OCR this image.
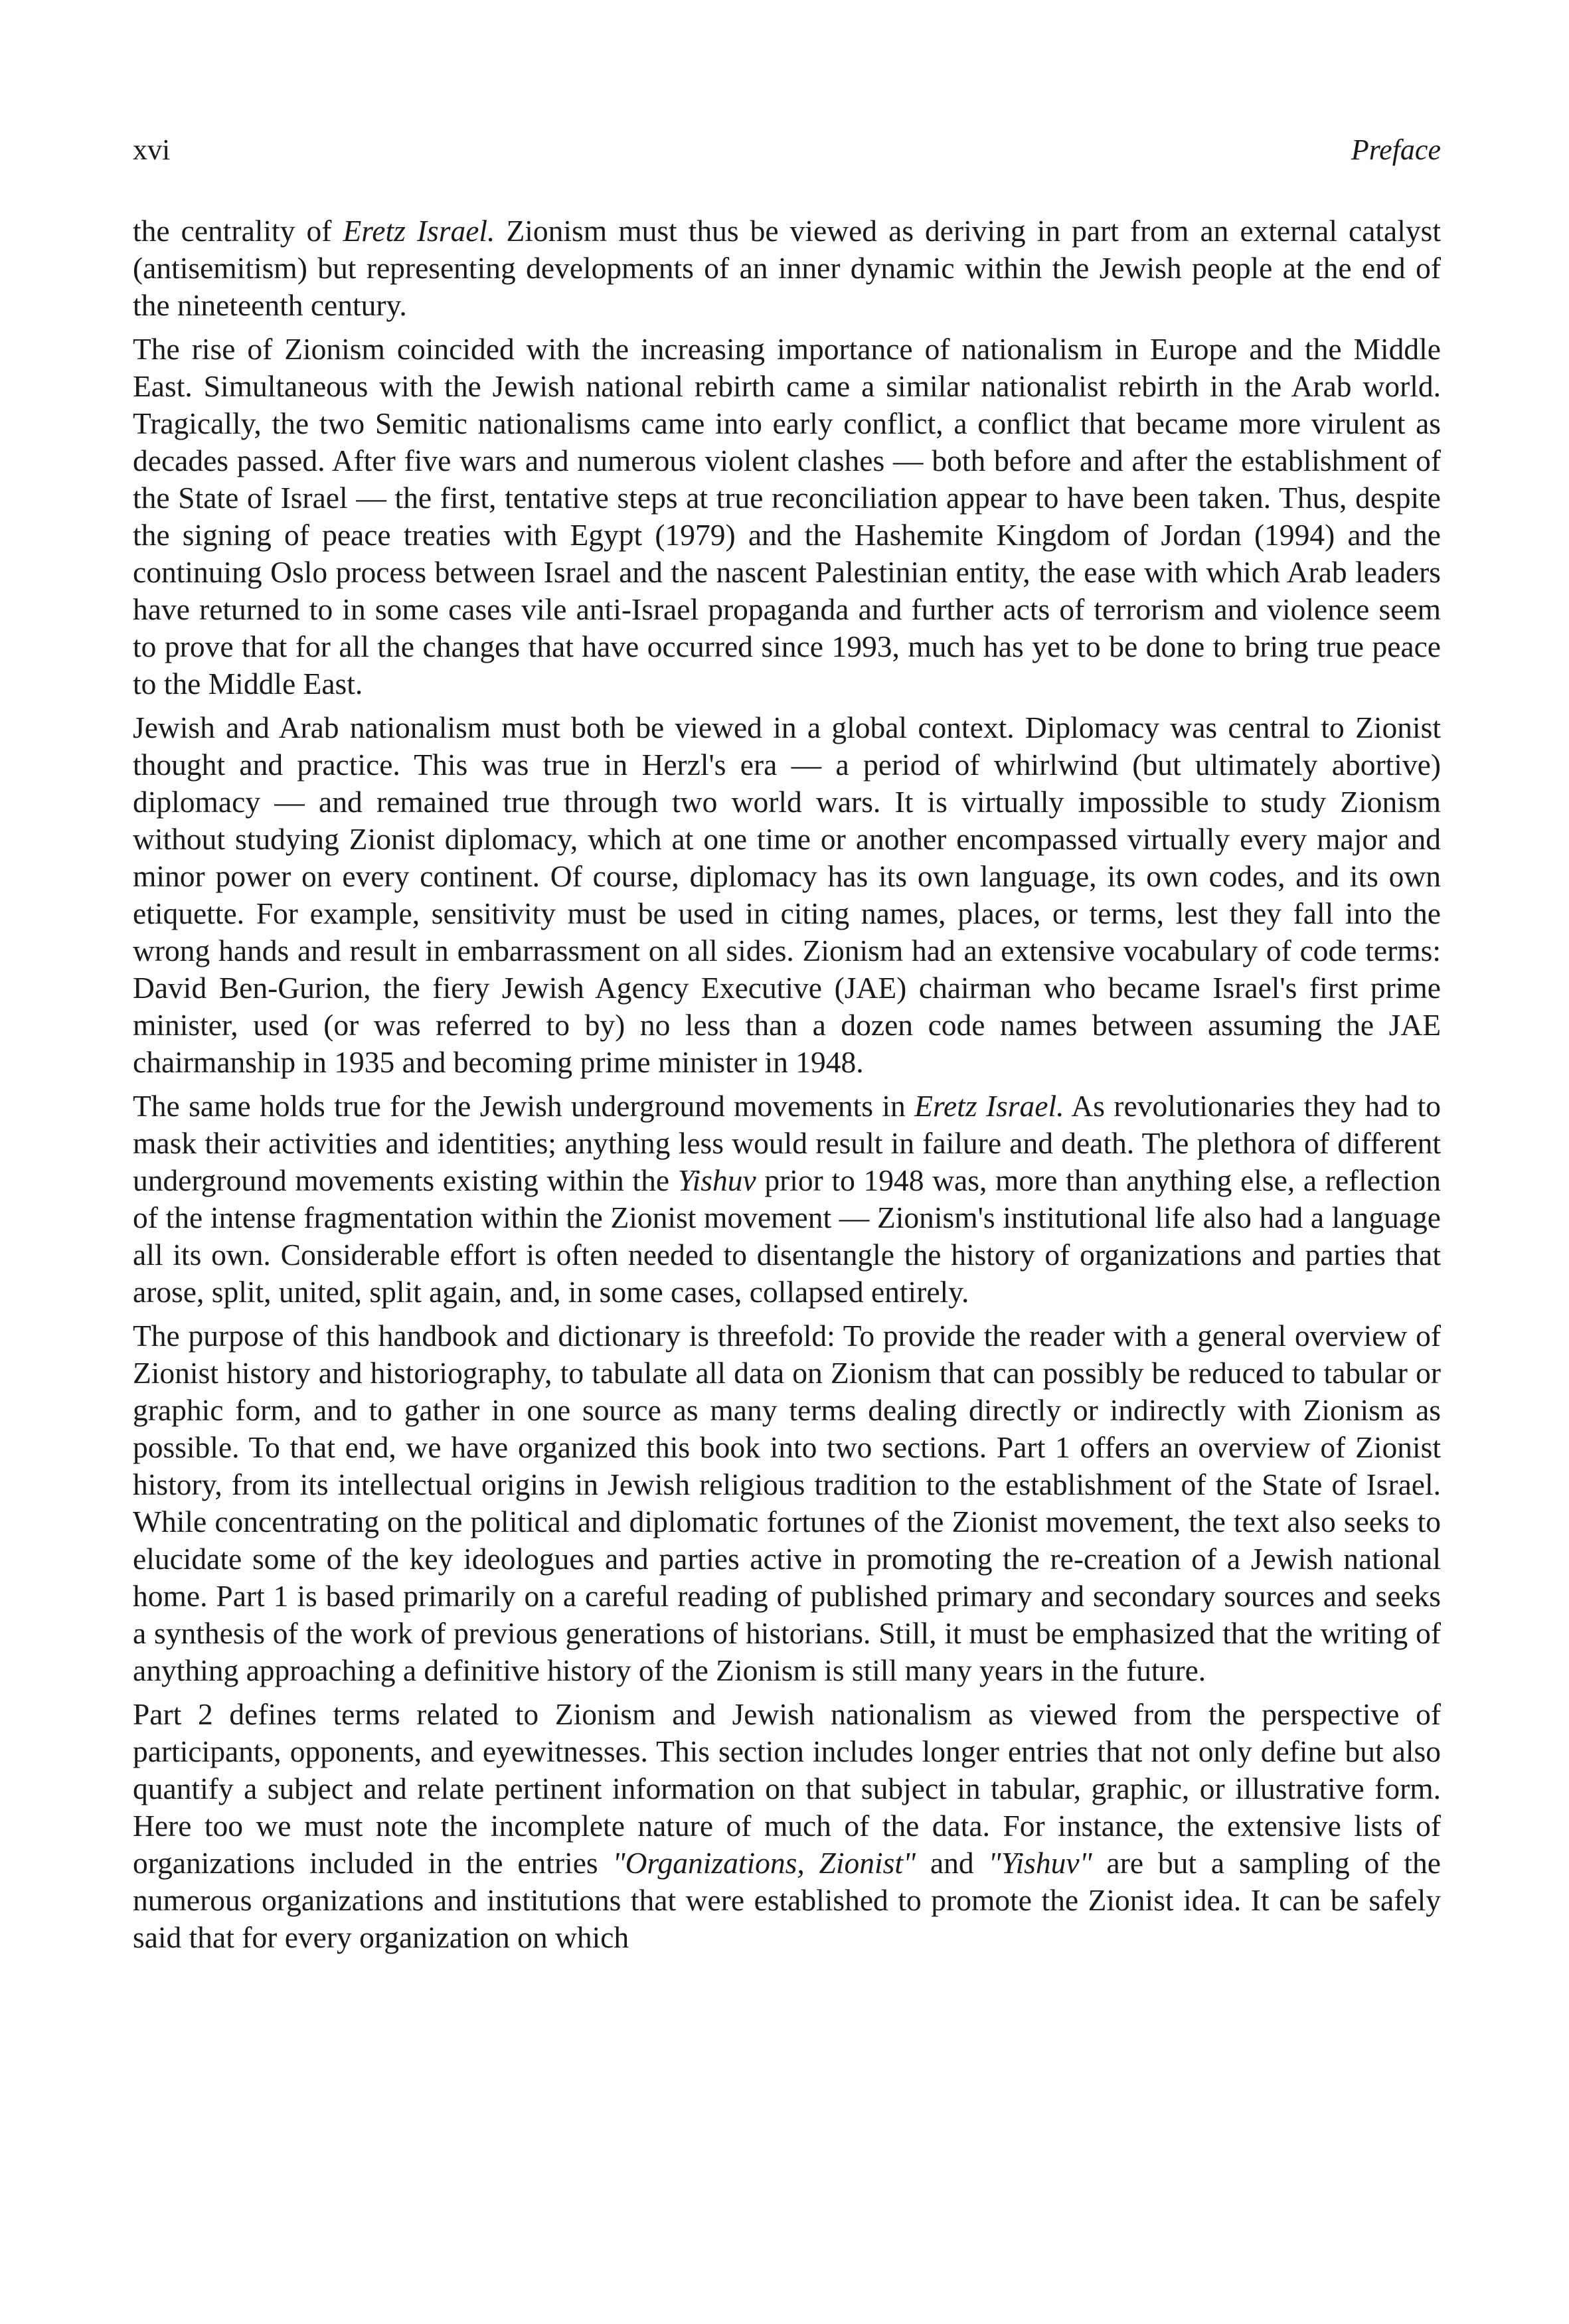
xvi	Preface

the centrality of Eretz Israel. Zionism must thus be viewed as deriving in part from an external catalyst (antisemitism) but representing developments of an inner dynamic within the Jewish people at the end of the nineteenth century.

The rise of Zionism coincided with the increasing importance of nationalism in Europe and the Middle East. Simultaneous with the Jewish national rebirth came a similar nationalist rebirth in the Arab world. Tragically, the two Semitic nationalisms came into early conflict, a conflict that became more virulent as decades passed. After five wars and numerous violent clashes — both before and after the establishment of the State of Israel — the first, tentative steps at true reconciliation appear to have been taken. Thus, despite the signing of peace treaties with Egypt (1979) and the Hashemite Kingdom of Jordan (1994) and the continuing Oslo process between Israel and the nascent Palestinian entity, the ease with which Arab leaders have returned to in some cases vile anti-Israel propaganda and further acts of terrorism and violence seem to prove that for all the changes that have occurred since 1993, much has yet to be done to bring true peace to the Middle East.

Jewish and Arab nationalism must both be viewed in a global context. Diplomacy was central to Zionist thought and practice. This was true in Herzl's era — a period of whirlwind (but ultimately abortive) diplomacy — and remained true through two world wars. It is virtually impossible to study Zionism without studying Zionist diplomacy, which at one time or another encompassed virtually every major and minor power on every continent. Of course, diplomacy has its own language, its own codes, and its own etiquette. For example, sensitivity must be used in citing names, places, or terms, lest they fall into the wrong hands and result in embarrassment on all sides. Zionism had an extensive vocabulary of code terms: David Ben-Gurion, the fiery Jewish Agency Executive (JAE) chairman who became Israel's first prime minister, used (or was referred to by) no less than a dozen code names between assuming the JAE chairmanship in 1935 and becoming prime minister in 1948.

The same holds true for the Jewish underground movements in Eretz Israel. As revolutionaries they had to mask their activities and identities; anything less would result in failure and death. The plethora of different underground movements existing within the Yishuv prior to 1948 was, more than anything else, a reflection of the intense fragmentation within the Zionist movement — Zionism's institutional life also had a language all its own. Considerable effort is often needed to disentangle the history of organizations and parties that arose, split, united, split again, and, in some cases, collapsed entirely.

The purpose of this handbook and dictionary is threefold: To provide the reader with a general overview of Zionist history and historiography, to tabulate all data on Zionism that can possibly be reduced to tabular or graphic form, and to gather in one source as many terms dealing directly or indirectly with Zionism as possible. To that end, we have organized this book into two sections. Part 1 offers an overview of Zionist history, from its intellectual origins in Jewish religious tradition to the establishment of the State of Israel. While concentrating on the political and diplomatic fortunes of the Zionist movement, the text also seeks to elucidate some of the key ideologues and parties active in promoting the re-creation of a Jewish national home. Part 1 is based primarily on a careful reading of published primary and secondary sources and seeks a synthesis of the work of previous generations of historians. Still, it must be emphasized that the writing of anything approaching a definitive history of the Zionism is still many years in the future.

Part 2 defines terms related to Zionism and Jewish nationalism as viewed from the perspective of participants, opponents, and eyewitnesses. This section includes longer entries that not only define but also quantify a subject and relate pertinent information on that subject in tabular, graphic, or illustrative form. Here too we must note the incomplete nature of much of the data. For instance, the extensive lists of organizations included in the entries "Organizations, Zionist" and "Yishuv" are but a sampling of the numerous organizations and institutions that were established to promote the Zionist idea. It can be safely said that for every organization on which
